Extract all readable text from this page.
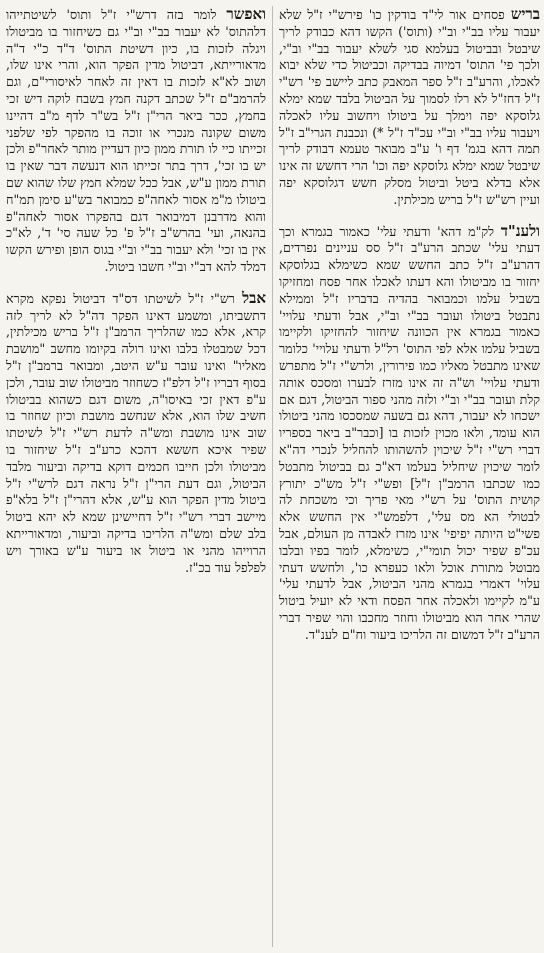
בריש פסחים אור לי"ד בודקין כו' פירש"י ז"ל שלא יעבור עליו בב"י וב"י (ותוס') הקשו דהא כבודק לריך שיבטל ובביטול בעלמא סגי לשלא יעבור בב"י וב"י, ולכך פי' התוס' דמיוה בבדיקה וכביטול כדי שלא יבוא לאכלו, והרע"ב ז"ל ספר המאבק כתב ליישב פי' רש"י ז"ל דחז"ל לא רלו לסמוך על הביטול בלבד שמא ימלא גלוסקא יפה וימלך על ביטולו ויחשוב עליו לאכלה ויעבור עליו בב"י וב"י עכ"ד ז"ל *) ונכבנת הגרי"ב ז"ל תמה דהא בגמ' דף ו' ע"ב מבואר טעמא דבודק לריך שיבטל שמא ימלא גלוסקא יפה וכו' הרי דחשש זה אינו אלא בדלא ביטל וביטול מסלק חשש דגלוסקא יפה ועיין רש"ש ז"ל בריש מכילתין.

ולענ"ד לק"מ דהא' ודעתי עלי' כאמור בגמרא וכך דעתי עלי' שכתב הרע"ב ז"ל סס עניינים נפרדים, דהרע"ב ז"ל כתב החשש שמא כשימלא בגלוסקא יחזור בו מביטולו והא דעתו לאכלו אחר פסח ומחזיקו בשביל עלמו וכמבואר בהדיה בדבריו ז"ל וממילא נתבטל ביטולו ועובר בב"י וב"י, אבל ודעתי עלויי' כאמור בגמרא אין הכוונה שיחזור להחזיקו ולקיימו בשביל עלמו אלא לפי התוס' רל"ל ודעתי עלויי' כלומר שאינו מתבטל מאליו כמו פירורין, ולרש"י ז"ל מתפרש ודעתי עלויי' וש"ה זה אינו מזרז לבערו ומסכס אותה קלת ועובר בב"י וב"י ולזה מהני ספור הביטול, דגם אם ישכחו לא יעבור, דהא גם בשעה שמסכסו מהני ביטולו הוא עומד, ולאו מכוין לזכות בו [וכבר"ב ביאר בספריו דברי רש"י ז"ל שיכוין להשהותו להחליל לנכרי דה"א לומר שיכוין שיחליל בעלמו דא"כ גם בביטול מתבטל כמו שכתבו הרמב"ן ז"ל] ופש"י ז"ל מש"כ יתורץ קושית התוס' על רש"י מאי פריך וכי משכחת לה לבטולי הא מס עלי', דלפמש"י אין החשש אלא פשי"ט היותה יפיפי' אינו מזרז לאבדה מן העולם, אבל עכ"פ שפיר יכול תומי"י, כשימלא, לומר בפיו ובלבו מבוטל מתורת אוכל ולאו כעפרא כו', ולחשש דעתי עלוי' דאמרי בגמרא מהני הביטול, אבל לדעתי עלי' ע"מ לקיימו ולאכלה אחר הפסח ודאי לא יועיל ביטול שהרי אחר הוא מביטולו וחוזר מחכבו והוי שפיר דברי הרע"ב ז"ל דמשום זה הלריכו ביעור וח"ם לענ"ד.

ואפשר לומר בזה דרש"י ז"ל ותוס' לשיטתייהו דלהתוס' לא יעבור בב"י וב"י גם כשיחזור בו מביטולו ויגלה לזכות בו, כיון דשיטת התוס' ד"ד כ"י ד"ה מדאורייתא, דביטול מדין הפקר הוא, והרי אינו שלו, ושוב לא"א לזכות בו דאין זה לאחר לאיסורי"ם, וגם להרמב"ם ז"ל שכתב דקנה חמץ בשבח לוקה דיש זכי בחמץ, ככר ביאר הרי"ן ז"ל בש"ר לדף מ"ב דהיינו משום שקונה מנכרי או זוכה בו מהפקר לפי שלפני זכייתו כיי לו תורת ממון כיון דעדיין מותר לאחר"פ ולכן יש בו זכי', דרך בתר זכייתו הוא דנעשה דבר שאין בו תורת ממון ע"ש, אבל ככל שמלא חמץ שלו שהוא שם ביטולו מ"מ אסור לאחה"פ כמבואר בש"ע סימן תמ"ח והוא מדרבנן דמיבואר דגם בהפקרו אסור לאחה"פ בהנאה, ועי' בהרש"ב ז"ל פ' כל שעה סי' ד', לא"כ אין בו זכי' ולא יעבור בב"י וב"י בגוס הופן ופירש הקשו דמלד להא דב"י וב"י חשבו ביטול.

אבל רש"י ז"ל לשיטתו דס"ד דביטול נפקא מקרא דתשביתו, ומשמע דאינו הפקר דה"ל לא לריך לזה קרא, אלא כמו שהלריך הרמב"ן ז"ל בריש מכילתין, דכל שמבטלו בלבו ואינו רולה בקיומו מחשב "מושבת מאליו" ואינו עובר ע"ש היטב, ומבואר ברמב"ן ז"ל בסוף דבריו ז"ל דלפ"ז כשחוזר מביטולו שוב עובר, ולכן ע"פ דאין זכי באיסו"ה, משום דגם כשהוא בביטולו חשיב שלו הוא, אלא שנחשב מושבת וכיון שחוזר בו שוב אינו מושבת ומש"ה לדעת רש"י ז"ל לשיטתו שפיר איכא חששא דהכא כרע"ב ז"ל שיחזור בו מביטולו ולכן חייבו חכמים דוקא בדיקה וביעור מלבד הביטול, וגם דעת הרי"ן ז"ל נראה דגם לרש"י ז"ל ביטול מדין הפקר הוא ע"ש, אלא דהרי"ן ז"ל בלא"פ מיישב דברי רש"י ז"ל דחיישינן שמא לא יהא ביטול בלב שלם ומש"ה הלריכו בדיקה וביעור, ומדאורייתא הרוייהו מהני או ביטול או ביעור ע"ש באורך ויש לפלפל עוד בכ"ז.
